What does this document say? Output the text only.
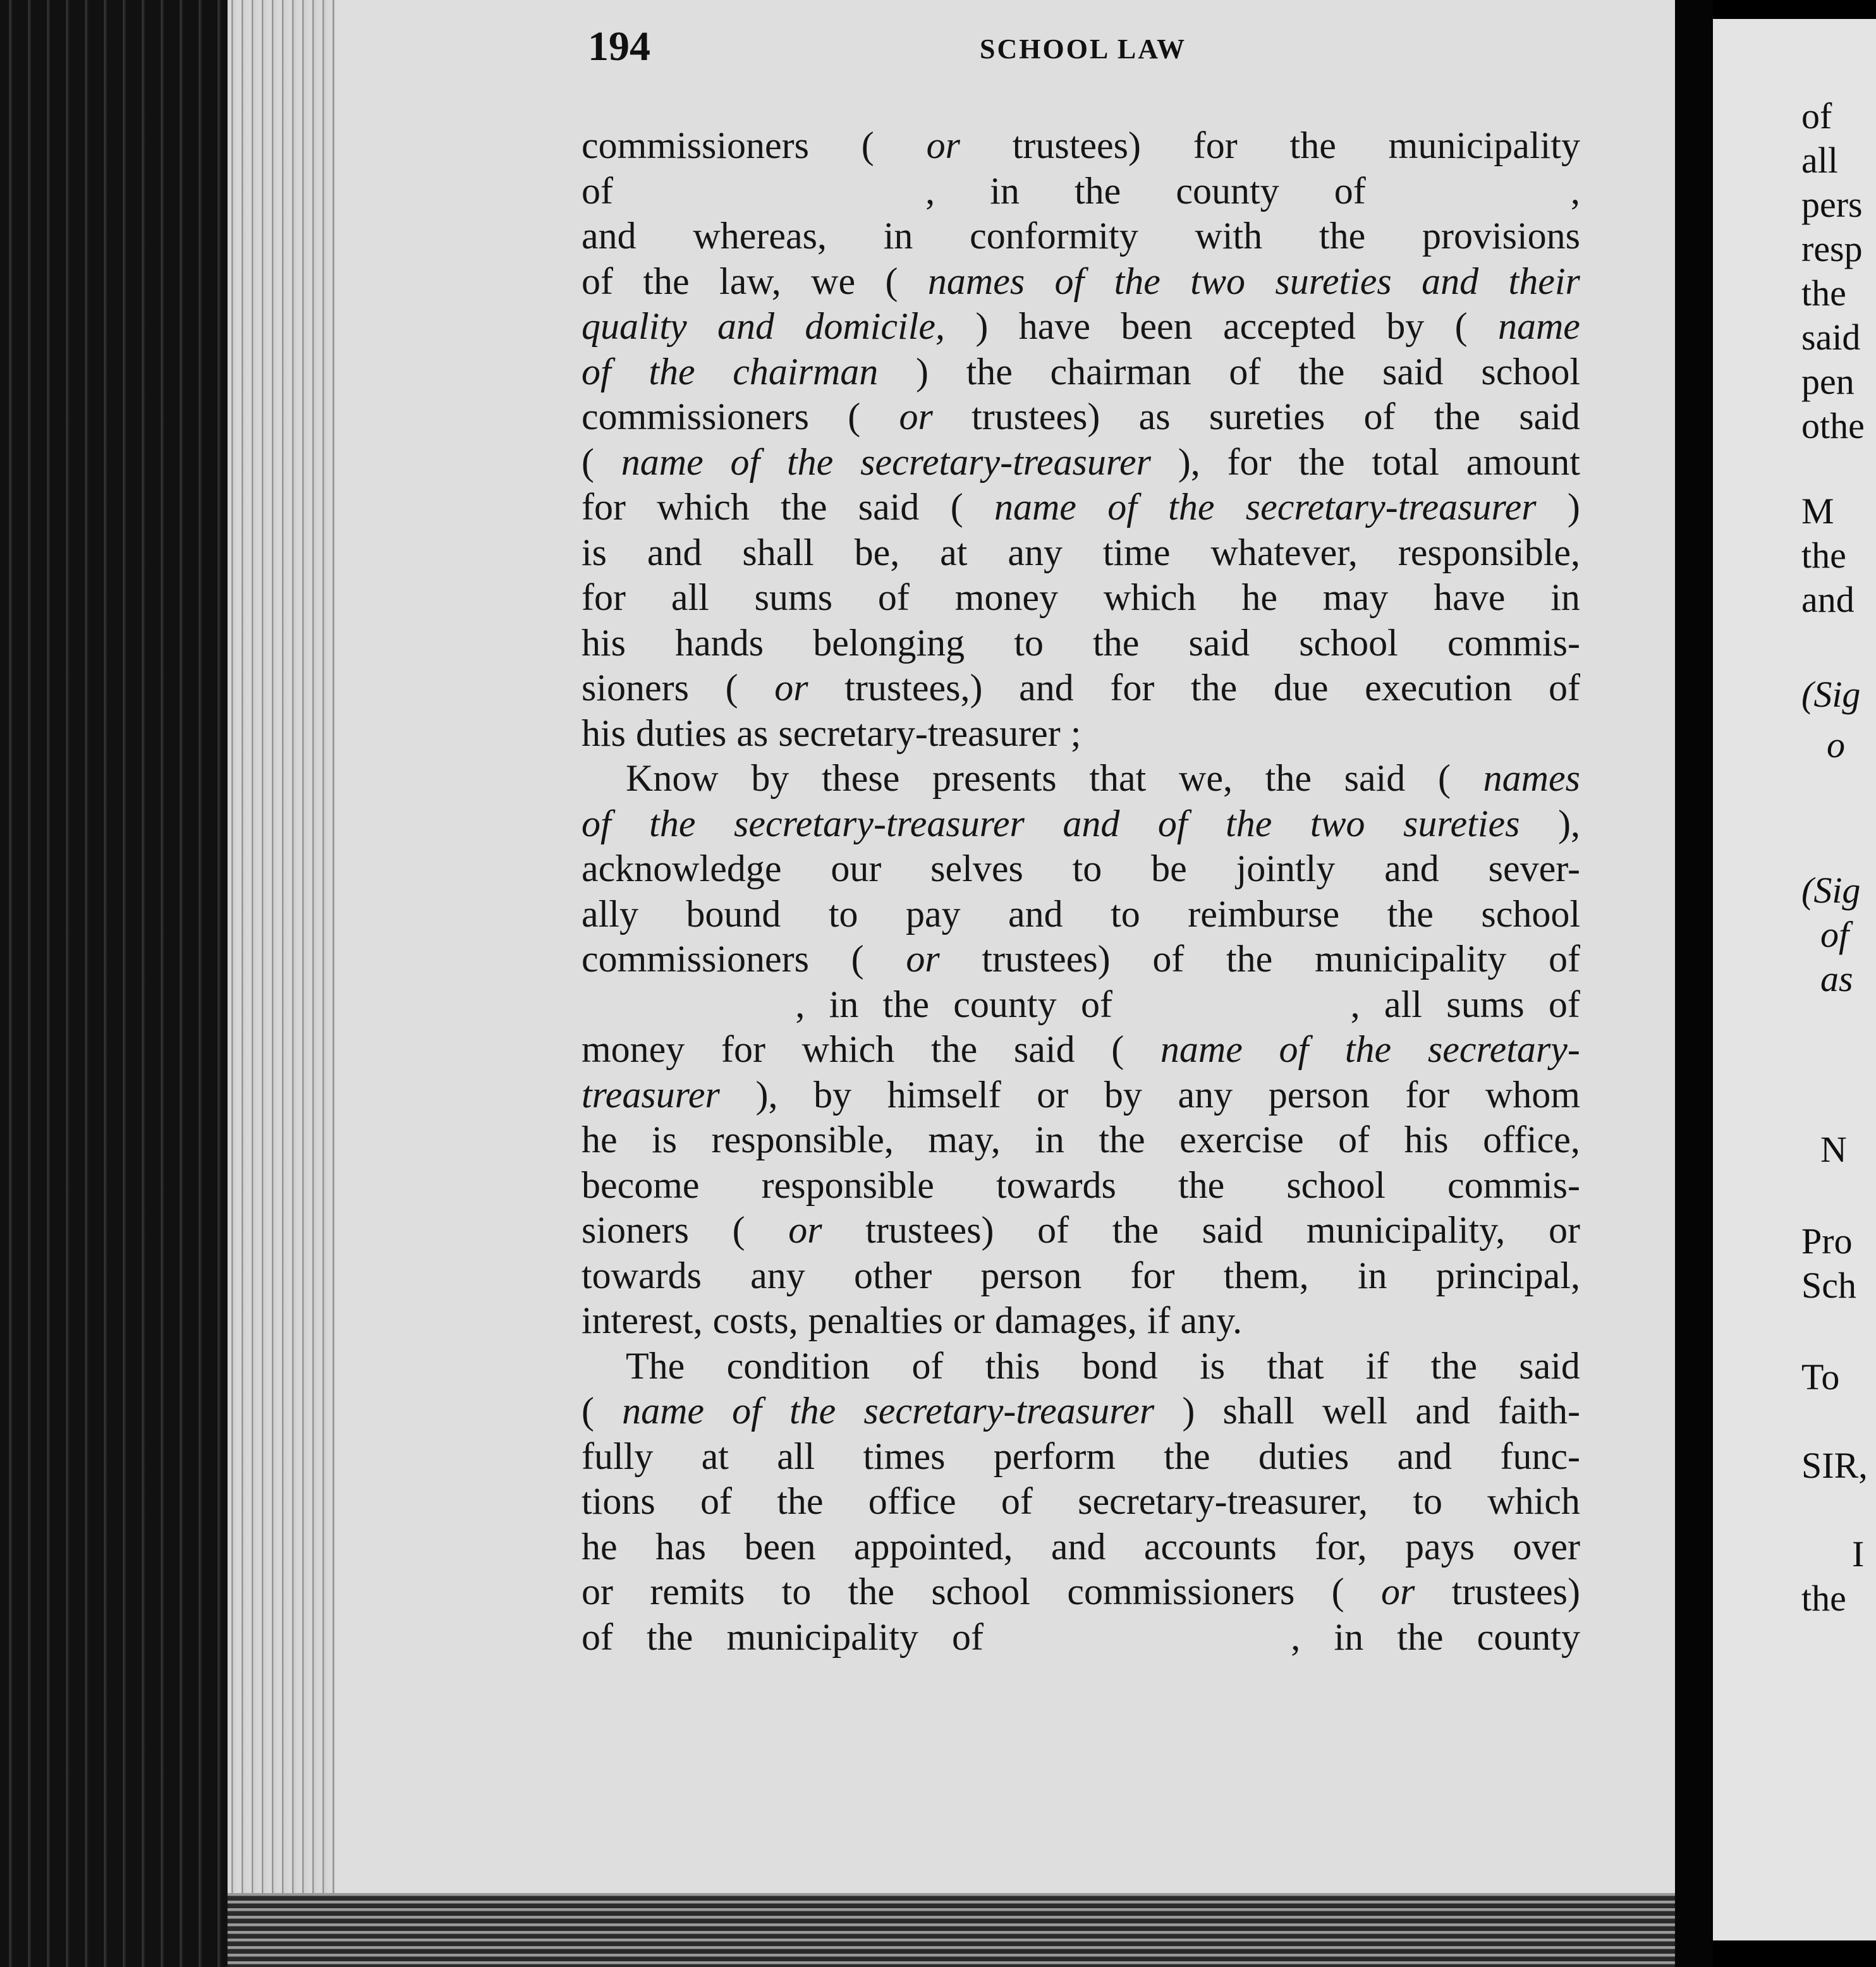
of
all
pers
resp
the
said
pen
othe
M
the
and
(Sig
o
(Sig
of
as
N
Pro
Sch
To
SIR,
I
the
194	SCHOOL LAW
commissioners ( or trustees) for the municipality
of	, in the county of	,
and whereas, in conformity with the provisions
of the law, we ( names of the two sureties and their
quality and domicile, ) have been accepted by ( name
of the chairman ) the chairman of the said school
commissioners ( or trustees) as sureties of the said
( name of the secretary-treasurer ), for the total amount
for which the said ( name of the secretary-treasurer )
is and shall be, at any time whatever, responsible,
for all sums of money which he may have in
his hands belonging to the said school commis-
sioners ( or trustees,) and for the due execution of
his duties as secretary-treasurer ;
Know by these presents that we, the said ( names
of the secretary-treasurer and of the two sureties ),
acknowledge our selves to be jointly and sever-
ally bound to pay and to reimburse the school
commissioners ( or trustees) of the municipality of
, in the county of	, all sums of
money for which the said ( name of the secretary-
treasurer ), by himself or by any person for whom
he is responsible, may, in the exercise of his office,
become responsible towards the school commis-
sioners ( or trustees) of the said municipality, or
towards any other person for them, in principal,
interest, costs, penalties or damages, if any.
The condition of this bond is that if the said
( name of the secretary-treasurer ) shall well and faith-
fully at all times perform the duties and func-
tions of the office of secretary-treasurer, to which
he has been appointed, and accounts for, pays over
or remits to the school commissioners ( or trustees)
of the municipality of	, in the county
